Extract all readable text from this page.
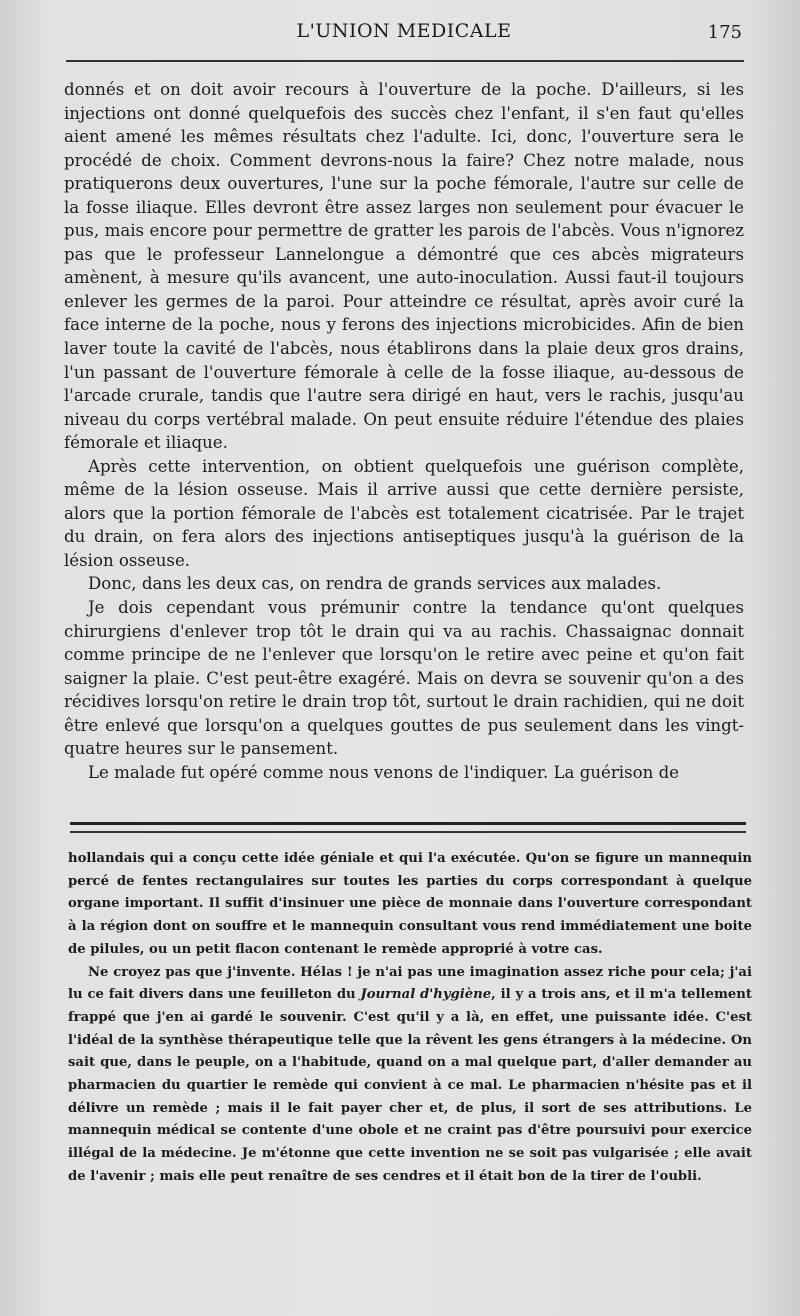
L'UNION MEDICALE	175

donnés et on doit avoir recours à l'ouverture de la poche. D'ailleurs, si les injections ont donné quelquefois des succès chez l'enfant, il s'en faut qu'elles aient amené les mêmes résultats chez l'adulte. Ici, donc, l'ouverture sera le procédé de choix. Comment devrons-nous la faire? Chez notre malade, nous pratiquerons deux ouvertures, l'une sur la poche fémorale, l'autre sur celle de la fosse iliaque. Elles devront être assez larges non seulement pour évacuer le pus, mais encore pour permettre de gratter les parois de l'abcès. Vous n'ignorez pas que le professeur Lannelongue a démontré que ces abcès migrateurs amènent, à mesure qu'ils avancent, une auto-inoculation. Aussi faut-il toujours enlever les germes de la paroi. Pour atteindre ce résultat, après avoir curé la face interne de la poche, nous y ferons des injections microbicides. Afin de bien laver toute la cavité de l'abcès, nous établirons dans la plaie deux gros drains, l'un passant de l'ouverture fémorale à celle de la fosse iliaque, au-dessous de l'arcade crurale, tandis que l'autre sera dirigé en haut, vers le rachis, jusqu'au niveau du corps vertébral malade. On peut ensuite réduire l'étendue des plaies fémorale et iliaque.

Après cette intervention, on obtient quelquefois une guérison complète, même de la lésion osseuse. Mais il arrive aussi que cette dernière persiste, alors que la portion fémorale de l'abcès est totalement cicatrisée. Par le trajet du drain, on fera alors des injections antiseptiques jusqu'à la guérison de la lésion osseuse.

Donc, dans les deux cas, on rendra de grands services aux malades.

Je dois cependant vous prémunir contre la tendance qu'ont quelques chirurgiens d'enlever trop tôt le drain qui va au rachis. Chassaignac donnait comme principe de ne l'enlever que lorsqu'on le retire avec peine et qu'on fait saigner la plaie. C'est peut-être exagéré. Mais on devra se souvenir qu'on a des récidives lorsqu'on retire le drain trop tôt, surtout le drain rachidien, qui ne doit être enlevé que lorsqu'on a quelques gouttes de pus seulement dans les vingt-quatre heures sur le pansement.

Le malade fut opéré comme nous venons de l'indiquer. La guérison de

hollandais qui a conçu cette idée géniale et qui l'a exécutée. Qu'on se figure un mannequin percé de fentes rectangulaires sur toutes les parties du corps correspondant à quelque organe important. Il suffit d'insinuer une pièce de monnaie dans l'ouverture correspondant à la région dont on souffre et le mannequin consultant vous rend immédiatement une boite de pilules, ou un petit flacon contenant le remède approprié à votre cas.

Ne croyez pas que j'invente. Hélas ! je n'ai pas une imagination assez riche pour cela; j'ai lu ce fait divers dans une feuilleton du Journal d'hygiène, il y a trois ans, et il m'a tellement frappé que j'en ai gardé le souvenir. C'est qu'il y a là, en effet, une puissante idée. C'est l'idéal de la synthèse thérapeutique telle que la rêvent les gens étrangers à la médecine. On sait que, dans le peuple, on a l'habitude, quand on a mal quelque part, d'aller demander au pharmacien du quartier le remède qui convient à ce mal. Le pharmacien n'hésite pas et il délivre un remède ; mais il le fait payer cher et, de plus, il sort de ses attributions. Le mannequin médical se contente d'une obole et ne craint pas d'être poursuivi pour exercice illégal de la médecine. Je m'étonne que cette invention ne se soit pas vulgarisée ; elle avait de l'avenir ; mais elle peut renaître de ses cendres et il était bon de la tirer de l'oubli.
